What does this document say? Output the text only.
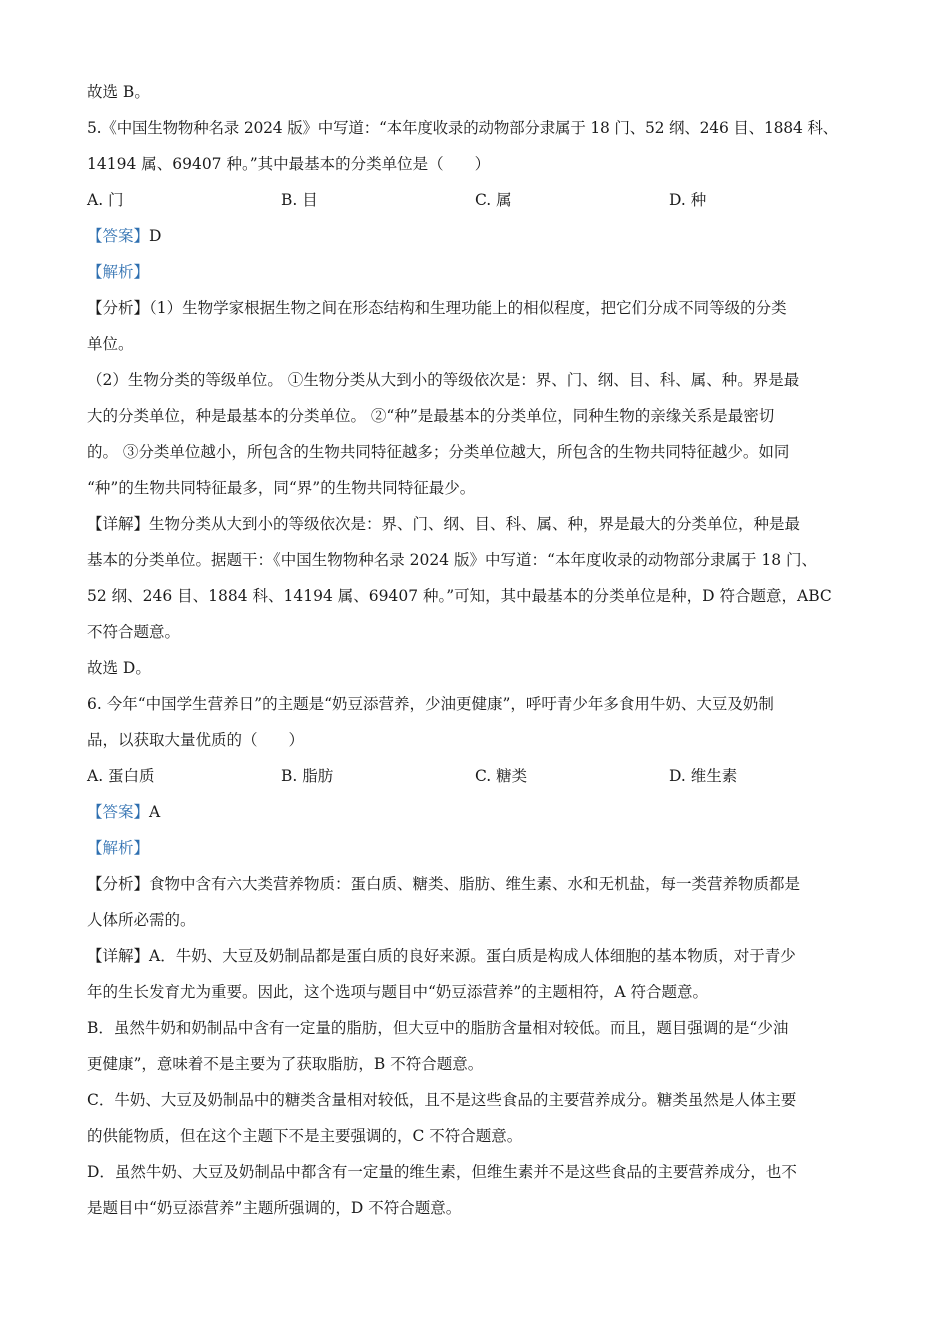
故选 B。
5.《中国生物物种名录 2024 版》中写道：“本年度收录的动物部分隶属于 18 门、52 纲、246 目、1884 科、
14194 属、69407 种。”其中最基本的分类单位是（　　）
A. 门	B. 目	C. 属	D. 种
【答案】D
【解析】
【分析】（1）生物学家根据生物之间在形态结构和生理功能上的相似程度，把它们分成不同等级的分类
单位。
（2）生物分类的等级单位。 ①生物分类从大到小的等级依次是：界、门、纲、目、科、属、种。界是最
大的分类单位，种是最基本的分类单位。 ②“种”是最基本的分类单位，同种生物的亲缘关系是最密切
的。 ③分类单位越小，所包含的生物共同特征越多；分类单位越大，所包含的生物共同特征越少。如同
“种”的生物共同特征最多，同“界”的生物共同特征最少。
【详解】生物分类从大到小的等级依次是：界、门、纲、目、科、属、种，界是最大的分类单位，种是最
基本的分类单位。据题干：《中国生物物种名录 2024 版》中写道：“本年度收录的动物部分隶属于 18 门、
52 纲、246 目、1884 科、14194 属、69407 种。”可知，其中最基本的分类单位是种，D 符合题意，ABC
不符合题意。
故选 D。
6. 今年“中国学生营养日”的主题是“奶豆添营养，少油更健康”，呼吁青少年多食用牛奶、大豆及奶制
品，以获取大量优质的（　　）
A. 蛋白质	B. 脂肪	C. 糖类	D. 维生素
【答案】A
【解析】
【分析】食物中含有六大类营养物质：蛋白质、糖类、脂肪、维生素、水和无机盐，每一类营养物质都是
人体所必需的。
【详解】A．牛奶、大豆及奶制品都是蛋白质的良好来源。蛋白质是构成人体细胞的基本物质，对于青少
年的生长发育尤为重要。因此，这个选项与题目中“奶豆添营养”的主题相符，A 符合题意。
B．虽然牛奶和奶制品中含有一定量的脂肪，但大豆中的脂肪含量相对较低。而且，题目强调的是“少油
更健康”，意味着不是主要为了获取脂肪，B 不符合题意。
C．牛奶、大豆及奶制品中的糖类含量相对较低，且不是这些食品的主要营养成分。糖类虽然是人体主要
的供能物质，但在这个主题下不是主要强调的，C 不符合题意。
D．虽然牛奶、大豆及奶制品中都含有一定量的维生素，但维生素并不是这些食品的主要营养成分，也不
是题目中“奶豆添营养”主题所强调的，D 不符合题意。
